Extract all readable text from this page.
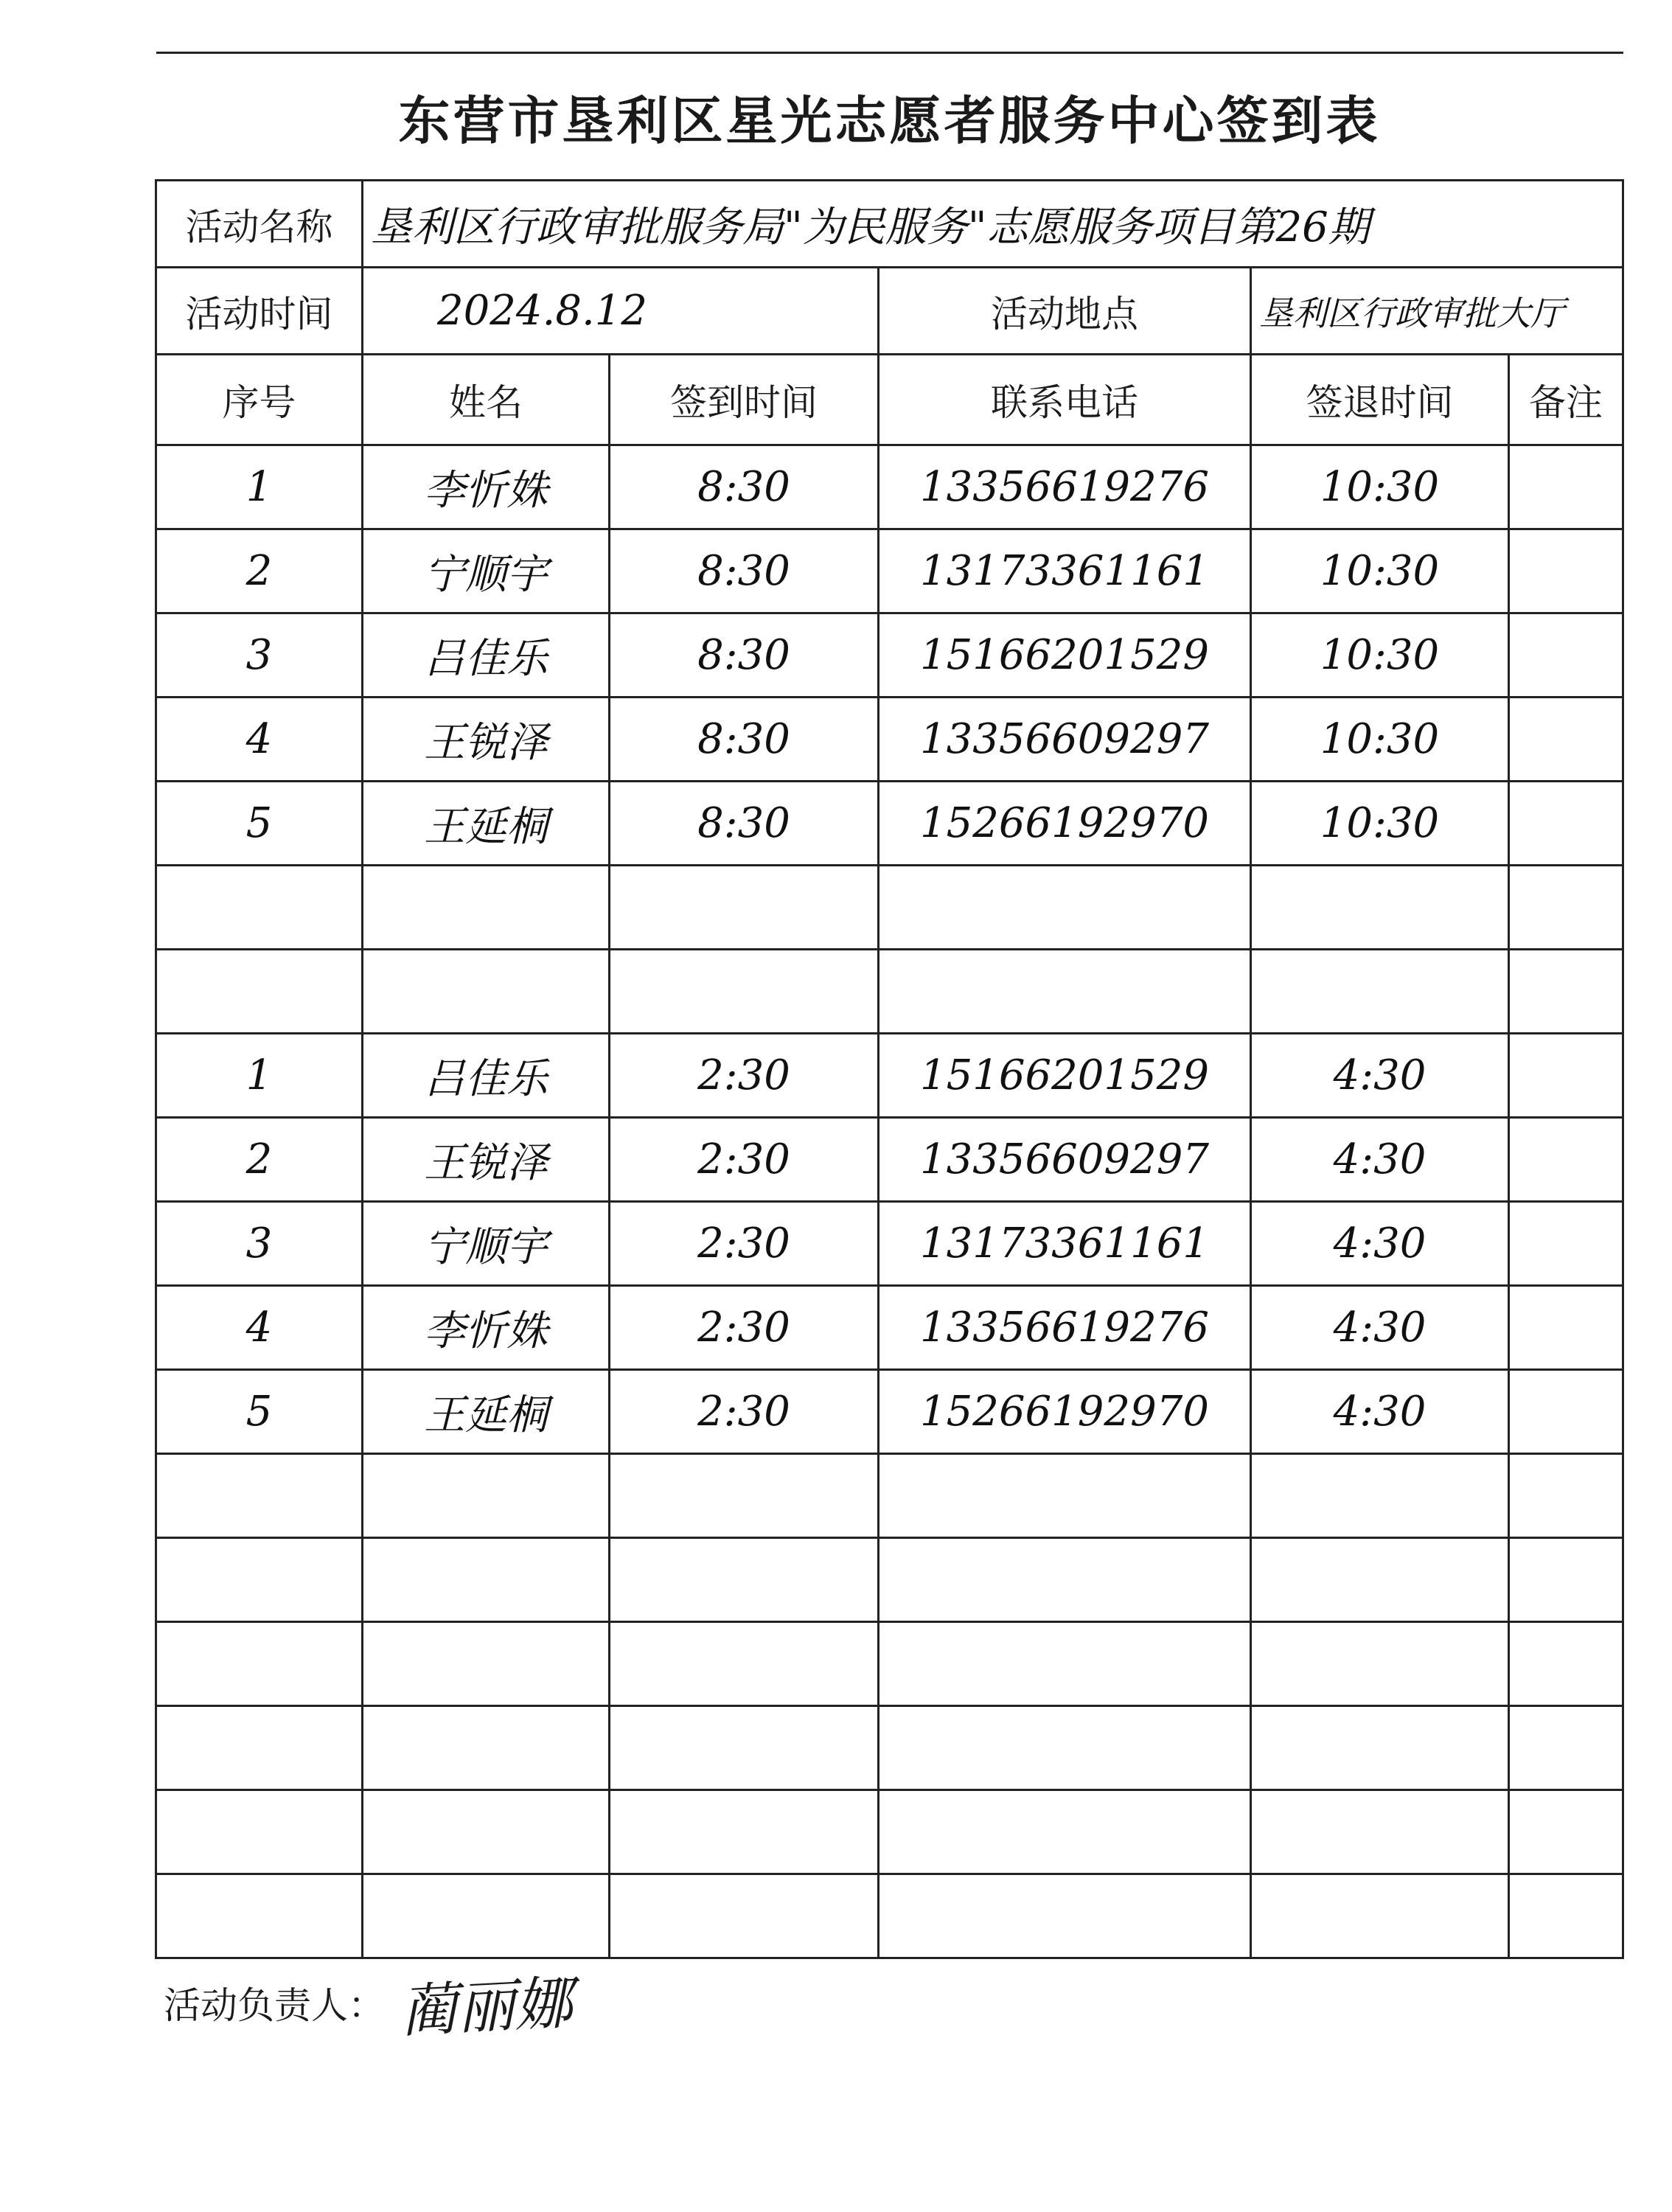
东营市垦利区星光志愿者服务中心签到表					
活动名称	垦利区行政审批服务局"为民服务"志愿服务项目第26期				
活动时间	2024.8.12		活动地点	垦利区行政审批大厅	
序号	姓名	签到时间	联系电话	签退时间	备注
1	李忻姝	8:30	13356619276	10:30	
2	宁顺宇	8:30	13173361161	10:30	
3	吕佳乐	8:30	15166201529	10:30	
4	王锐泽	8:30	13356609297	10:30	
5	王延桐	8:30	15266192970	10:30	

1	吕佳乐	2:30	15166201529	4:30	
2	王锐泽	2:30	13356609297	4:30	
3	宁顺宇	2:30	13173361161	4:30	
4	李忻姝	2:30	13356619276	4:30	
5	王延桐	2:30	15266192970	4:30	

活动负责人： 蔺丽娜
